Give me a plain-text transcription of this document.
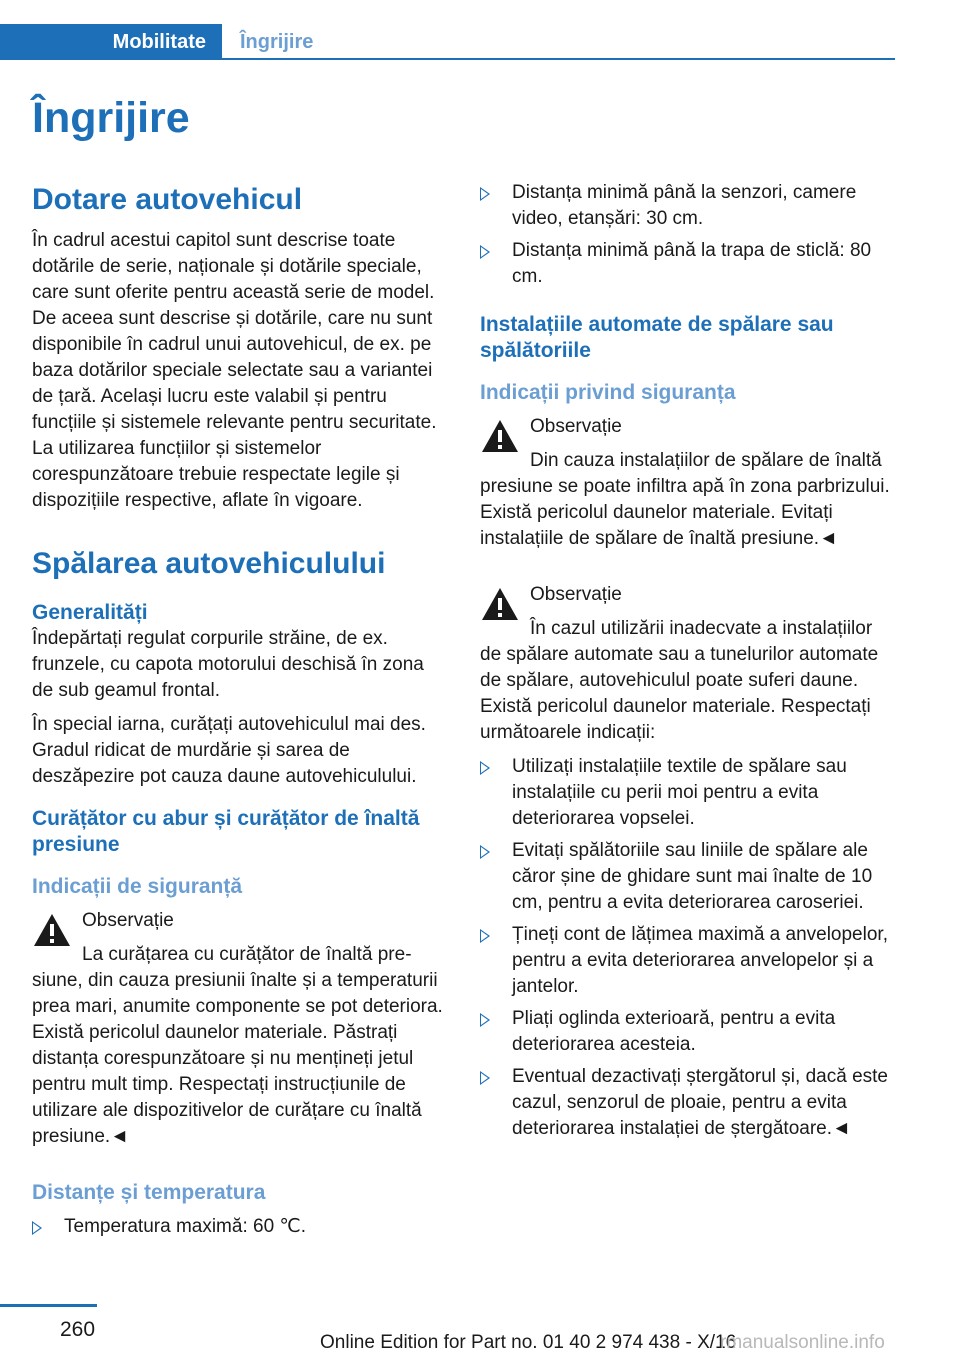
Mobilitate Îngrijire
Îngrijire
Dotare autovehicul

În cadrul acestui capitol sunt descrise toate dotările de serie, naționale și dotările speciale, care sunt oferite pentru această serie de model. De aceea sunt descrise și dotările, care nu sunt disponibile în cadrul unui autovehicul, de ex. pe baza dotărilor speciale selectate sau a variantei de țară. Același lucru este valabil și pentru funcțiile și sistemele relevante pentru securitate. La utilizarea funcțiilor și sistemelor corespunzătoare trebuie respectate legile și dispozițiile respective, aflate în vigoare.

Spălarea autovehiculului
Generalități

Îndepărtați regulat corpurile străine, de ex. frunzele, cu capota motorului deschisă în zona de sub geamul frontal.

În special iarna, curățați autovehiculul mai des. Gradul ridicat de murdărie și sarea de deszăpezire pot cauza daune autovehiculului.

Curățător cu abur și curățător de înaltă presiune
Indicații de siguranță

Observație

La curățarea cu curățător de înaltă pre-

siune, din cauza presiunii înalte și a temperaturii prea mari, anumite componente se pot deteriora. Există pericolul daunelor materiale. Păstrați distanța corespunzătoare și nu mențineți jetul pentru mult timp. Respectați instrucțiunile de utilizare ale dispozitivelor de curățare cu înaltă presiune.◄

Distanțe și temperatura
Temperatura maximă: 60 ℃.
Distanța minimă până la senzori, camere video, etanșări: 30 cm.
Distanța minimă până la trapa de sticlă: 80 cm.
Instalațiile automate de spălare sau spălătoriile
Indicații privind siguranța

Observație

Din cauza instalațiilor de spălare de înaltă

presiune se poate infiltra apă în zona parbrizului. Există pericolul daunelor materiale. Evitați instalațiile de spălare de înaltă presiune.◄

Observație

În cazul utilizării inadecvate a instalațiilor

de spălare automate sau a tunelurilor automate de spălare, autovehiculul poate suferi daune. Există pericolul daunelor materiale. Respectați următoarele indicații:

Utilizați instalațiile textile de spălare sau instalațiile cu perii moi pentru a evita deteriorarea vopselei.
Evitați spălătoriile sau liniile de spălare ale căror șine de ghidare sunt mai înalte de 10 cm, pentru a evita deteriorarea caroseriei.
Țineți cont de lățimea maximă a anvelopelor, pentru a evita deteriorarea anvelopelor și a jantelor.
Pliați oglinda exterioară, pentru a evita deteriorarea acesteia.
Eventual dezactivați ștergătorul și, dacă este cazul, senzorul de ploaie, pentru a evita deteriorarea instalației de ștergătoare.◄
260
Online Edition for Part no. 01 40 2 974 438 - X/16
rmanualsonline.info
